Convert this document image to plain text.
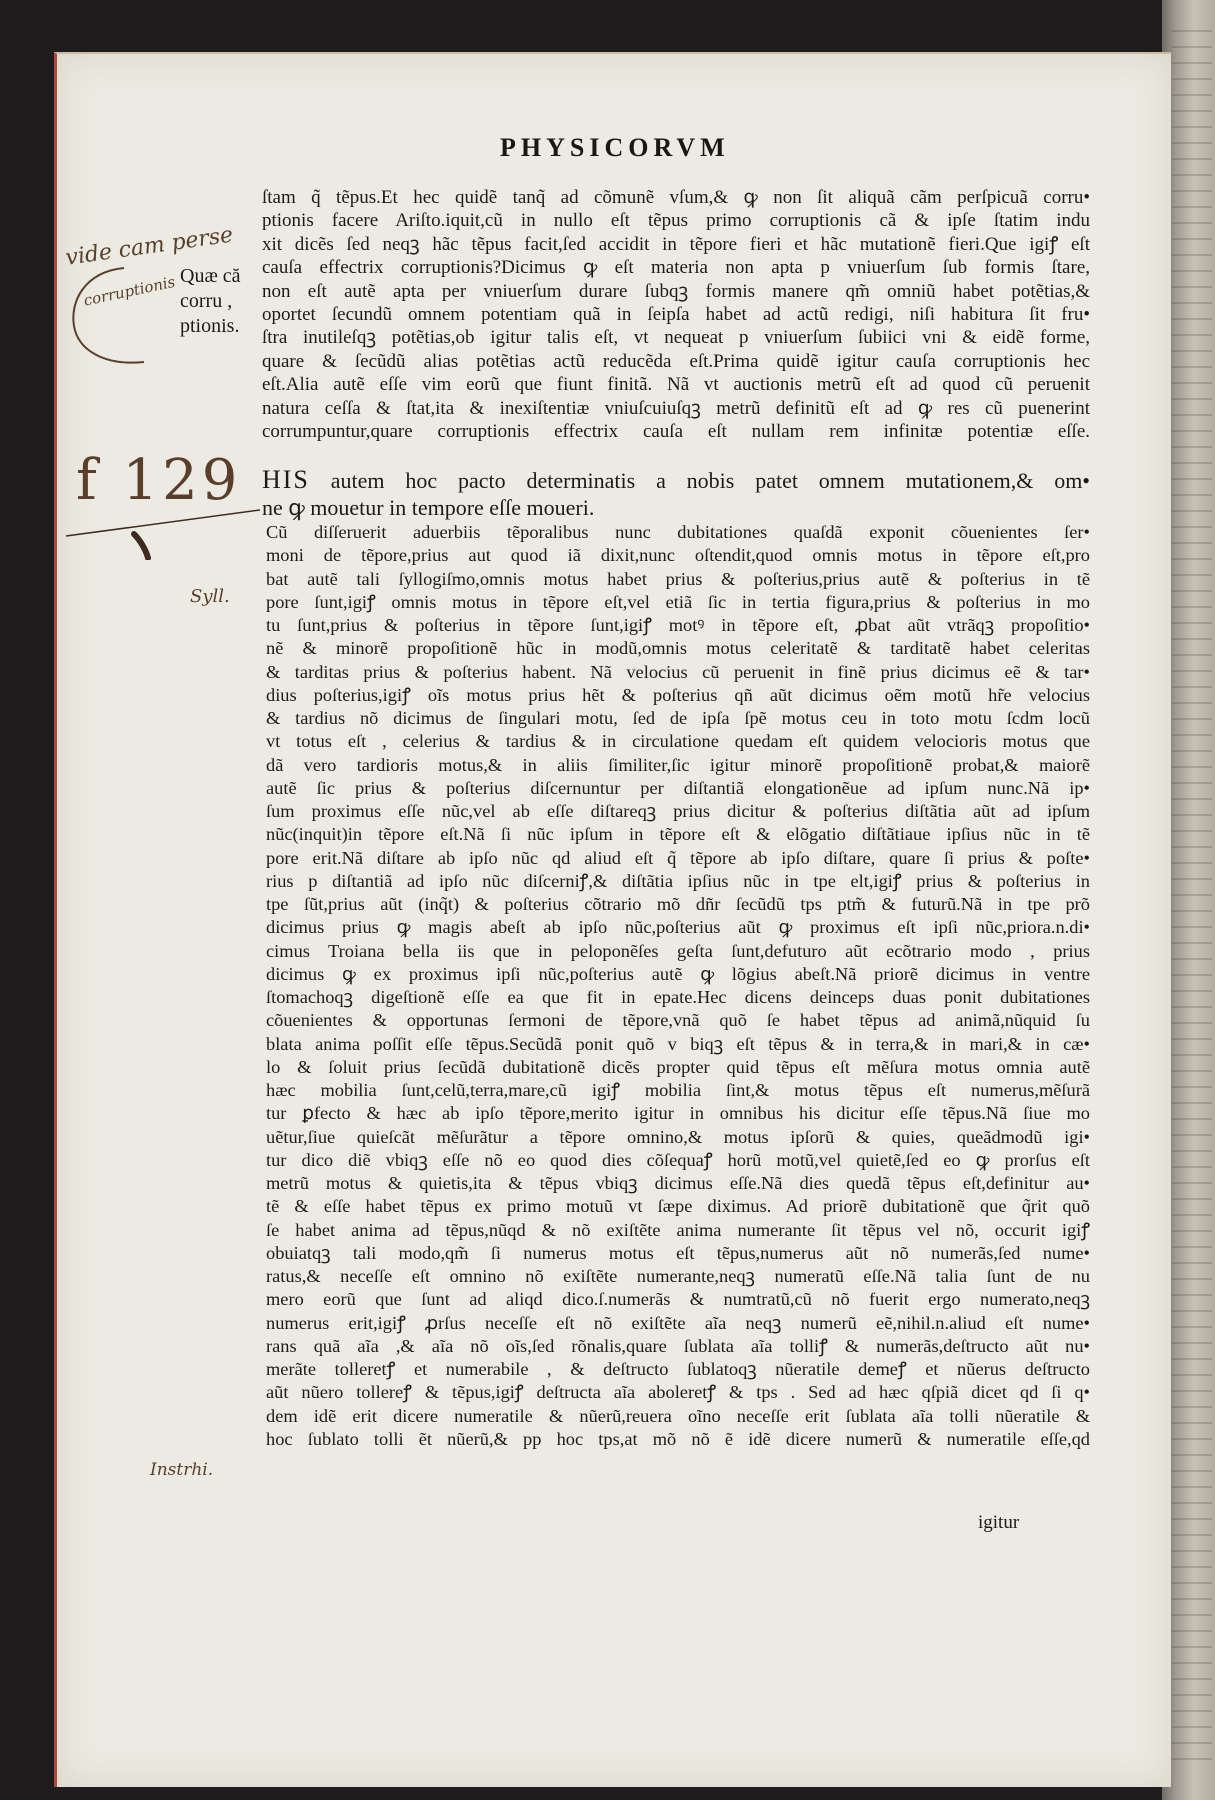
PHYSICORVM
ſtam q̃ tẽpus.Et hec quidẽ tanq̃ ad cõmunẽ vſum,& ꝙ non ſit aliquã cãm perſpicuã corru•
ptionis facere Ariſto.iquit,cũ in nullo eſt tẽpus primo corruptionis cã & ipſe ſtatim indu
xit dicẽs ſed neqꝫ hãc tẽpus facit,ſed accidit in tẽpore fieri et hãc mutationẽ fieri.Que igiꝭ eſt
cauſa effectrix corruptionis?Dicimus ꝙ eſt materia non apta p vniuerſum ſub formis ſtare,
non eſt autẽ apta per vniuerſum durare ſubqꝫ formis manere qm̃ omniũ habet potẽtias,&
oportet ſecundũ omnem potentiam quã in ſeipſa habet ad actũ redigi, niſi habitura ſit fru•
ſtra inutileſqꝫ potẽtias,ob igitur talis eſt, vt nequeat p vniuerſum ſubiici vni & eidẽ forme,
quare & ſecũdũ alias potẽtias actũ reducẽda eſt.Prima quidẽ igitur cauſa corruptionis hec
eſt.Alia autẽ eſſe vim eorũ que fiunt finitã. Nã vt auctionis metrũ eſt ad quod cũ peruenit
natura ceſſa & ſtat,ita & inexiſtentiæ vniuſcuiuſqꝫ metrũ definitũ eſt ad ꝙ res cũ puenerint
corrumpuntur,quare corruptionis effectrix cauſa eſt nullam rem infinitæ potentiæ eſſe.
Quæ că
corru ,
ptionis.
HIS autem hoc pacto determinatis a nobis patet omnem mutationem,& om•
ne ꝙ mouetur in tempore eſſe moueri.
Cũ diſſeruerit aduerbiis tẽporalibus nunc dubitationes quaſdã exponit cõuenientes ſer•
moni de tẽpore,prius aut quod iã dixit,nunc oſtendit,quod omnis motus in tẽpore eſt,pro
bat autẽ tali ſyllogiſmo,omnis motus habet prius & poſterius,prius autẽ & poſterius in tẽ
pore ſunt,igiꝭ omnis motus in tẽpore eſt,vel etiã ſic in tertia figura,prius & poſterius in mo
tu ſunt,prius & poſterius in tẽpore ſunt,igiꝭ motꝰ in tẽpore eſt, ꝓbat aũt vtrãqꝫ propoſitio•
nẽ & minorẽ propoſitionẽ hũc in modũ,omnis motus celeritatẽ & tarditatẽ habet celeritas
& tarditas prius & poſterius habent. Nã velocius cũ peruenit in finẽ prius dicimus eẽ & tar•
dius poſterius,igiꝭ oĩs motus prius hẽt & poſterius qñ aũt dicimus oẽm motũ hr̃e velocius
& tardius nõ dicimus de ſingulari motu, ſed de ipſa ſpẽ motus ceu in toto motu ſcdm locũ
vt totus eſt , celerius & tardius & in circulatione quedam eſt quidem velocioris motus que
dã vero tardioris motus,& in aliis ſimiliter,ſic igitur minorẽ propoſitionẽ probat,& maiorẽ
autẽ ſic prius & poſterius diſcernuntur per diſtantiã elongationẽue ad ipſum nunc.Nã ip•
ſum proximus eſſe nũc,vel ab eſſe diſtareqꝫ prius dicitur & poſterius diſtãtia aũt ad ipſum
nũc(inquit)in tẽpore eſt.Nã ſi nũc ipſum in tẽpore eſt & elõgatio diſtãtiaue ipſius nũc in tẽ
pore erit.Nã diſtare ab ipſo nũc qd aliud eſt q̃ tẽpore ab ipſo diſtare, quare ſi prius & poſte•
rius p diſtantiã ad ipſo nũc diſcerniꝭ,& diſtãtia ipſius nũc in tpe elt,igiꝭ prius & poſterius in
tpe ſũt,prius aũt (inq̃t) & poſterius cõtrario mõ dñr ſecũdũ tps ptm̃ & futurũ.Nã in tpe prõ
dicimus prius ꝙ magis abeſt ab ipſo nũc,poſterius aũt ꝙ proximus eſt ipſi nũc,priora.n.di•
cimus Troiana bella iis que in peloponẽſes geſta ſunt,defuturo aũt ecõtrario modo , prius
dicimus ꝙ ex proximus ipſi nũc,poſterius autẽ ꝙ lõgius abeſt.Nã priorẽ dicimus in ventre
ſtomachoqꝫ digeſtionẽ eſſe ea que fit in epate.Hec dicens deinceps duas ponit dubitationes
cõuenientes & opportunas ſermoni de tẽpore,vnã quõ ſe habet tẽpus ad animã,nũquid ſu
blata anima poſſit eſſe tẽpus.Secũdã ponit quõ v biqꝫ eſt tẽpus & in terra,& in mari,& in cæ•
lo & ſoluit prius ſecũdã dubitationẽ dicẽs propter quid tẽpus eſt mẽſura motus omnia autẽ
hæc mobilia ſunt,celũ,terra,mare,cũ igiꝭ mobilia ſint,& motus tẽpus eſt numerus,mẽſurã
tur ꝑfecto & hæc ab ipſo tẽpore,merito igitur in omnibus his dicitur eſſe tẽpus.Nã ſiue mo
uẽtur,ſiue quieſcãt mẽſurãtur a tẽpore omnino,& motus ipſorũ & quies, queãdmodũ igi•
tur dico diẽ vbiqꝫ eſſe nõ eo quod dies cõſequaꝭ horũ motũ,vel quietẽ,ſed eo ꝙ prorſus eſt
metrũ motus & quietis,ita & tẽpus vbiqꝫ dicimus eſſe.Nã dies quedã tẽpus eſt,definitur au•
tẽ & eſſe habet tẽpus ex primo motuũ vt ſæpe diximus. Ad priorẽ dubitationẽ que q̃rit quõ
ſe habet anima ad tẽpus,nũqd & nõ exiſtẽte anima numerante ſit tẽpus vel nõ, occurit igiꝭ
obuiatqꝫ tali modo,qm̃ ſi numerus motus eſt tẽpus,numerus aũt nõ numerãs,ſed nume•
ratus,& neceſſe eſt omnino nõ exiſtẽte numerante,neqꝫ numeratũ eſſe.Nã talia ſunt de nu
mero eorũ que ſunt ad aliqd dico.ſ.numerãs & numtratũ,cũ nõ fuerit ergo numerato,neqꝫ
numerus erit,igiꝭ ꝓrſus neceſſe eſt nõ exiſtẽte aĩa neqꝫ numerũ eẽ,nihil.n.aliud eſt nume•
rans quã aĩa ,& aĩa nõ oĩs,ſed rõnalis,quare ſublata aĩa tolliꝭ & numerãs,deſtructo aũt nu•
merãte tolleretꝭ et numerabile , & deſtructo ſublatoqꝫ nũeratile demeꝭ et nũerus deſtructo
aũt nũero tollereꝭ & tẽpus,igiꝭ deſtructa aĩa aboleretꝭ & tps . Sed ad hæc qſpiã dicet qd ſi q•
dem idẽ erit dicere numeratile & nũerũ,reuera oĩno neceſſe erit ſublata aĩa tolli nũeratile &
hoc ſublato tolli ẽt nũerũ,& pp hoc tps,at mõ nõ ẽ idẽ dicere numerũ & numeratile eſſe,qd
igitur
vide cam perse
corruptionis
f 129
Syll.
Instrhi.
